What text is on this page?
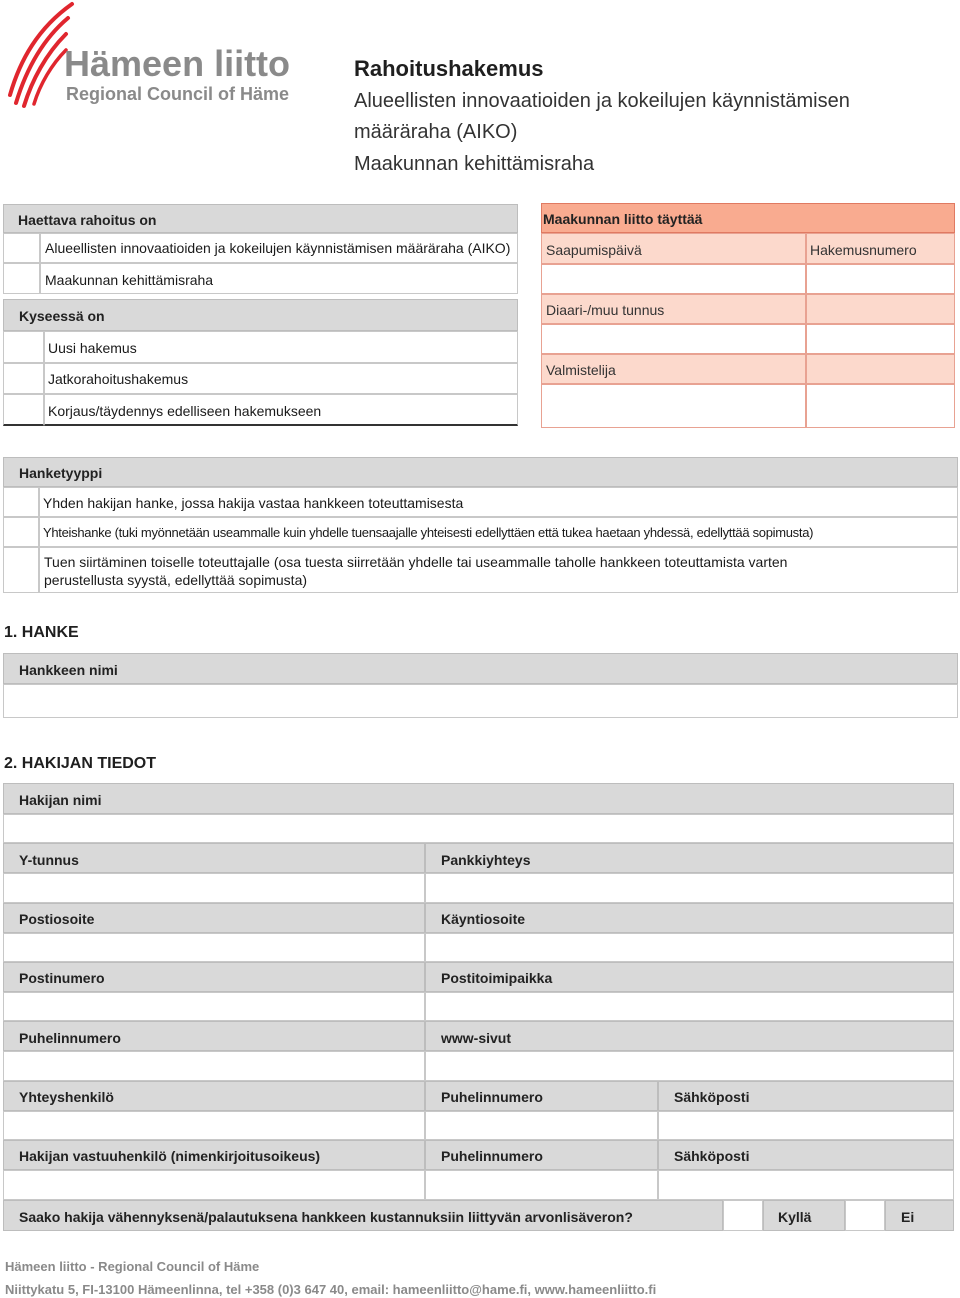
Hämeen liitto
Regional Council of Häme
Rahoitushakemus
Alueellisten innovaatioiden ja kokeilujen käynnistämisen
määräraha (AIKO)
Maakunnan kehittämisraha
Haettava rahoitus on
Alueellisten innovaatioiden ja kokeilujen käynnistämisen määräraha (AIKO)
Maakunnan kehittämisraha
Kyseessä on
Uusi hakemus
Jatkorahoitushakemus
Korjaus/täydennys edelliseen hakemukseen
Maakunnan liitto täyttää
Saapumispäivä	Hakemusnumero
Diaari-/muu tunnus
Valmistelija
Hanketyyppi
Yhden hakijan hanke, jossa hakija vastaa hankkeen toteuttamisesta
Yhteishanke (tuki myönnetään useammalle kuin yhdelle tuensaajalle yhteisesti edellyttäen että tukea haetaan yhdessä, edellyttää sopimusta)
Tuen siirtäminen toiselle toteuttajalle (osa tuesta siirretään yhdelle tai useammalle taholle hankkeen toteuttamista varten
perustellusta syystä, edellyttää sopimusta)
1. HANKE
Hankkeen nimi
2. HAKIJAN TIEDOT
Hakijan nimi
Y-tunnus	Pankkiyhteys
Postiosoite	Käyntiosoite
Postinumero	Postitoimipaikka
Puhelinnumero	www-sivut
Yhteyshenkilö	Puhelinnumero	Sähköposti
Hakijan vastuuhenkilö (nimenkirjoitusoikeus)	Puhelinnumero	Sähköposti
Saako hakija vähennyksenä/palautuksena hankkeen kustannuksiin liittyvän arvonlisäveron?	Kyllä	Ei
Hämeen liitto - Regional Council of Häme
Niittykatu 5, FI-13100 Hämeenlinna, tel +358 (0)3 647 40, email: hameenliitto@hame.fi, www.hameenliitto.fi
